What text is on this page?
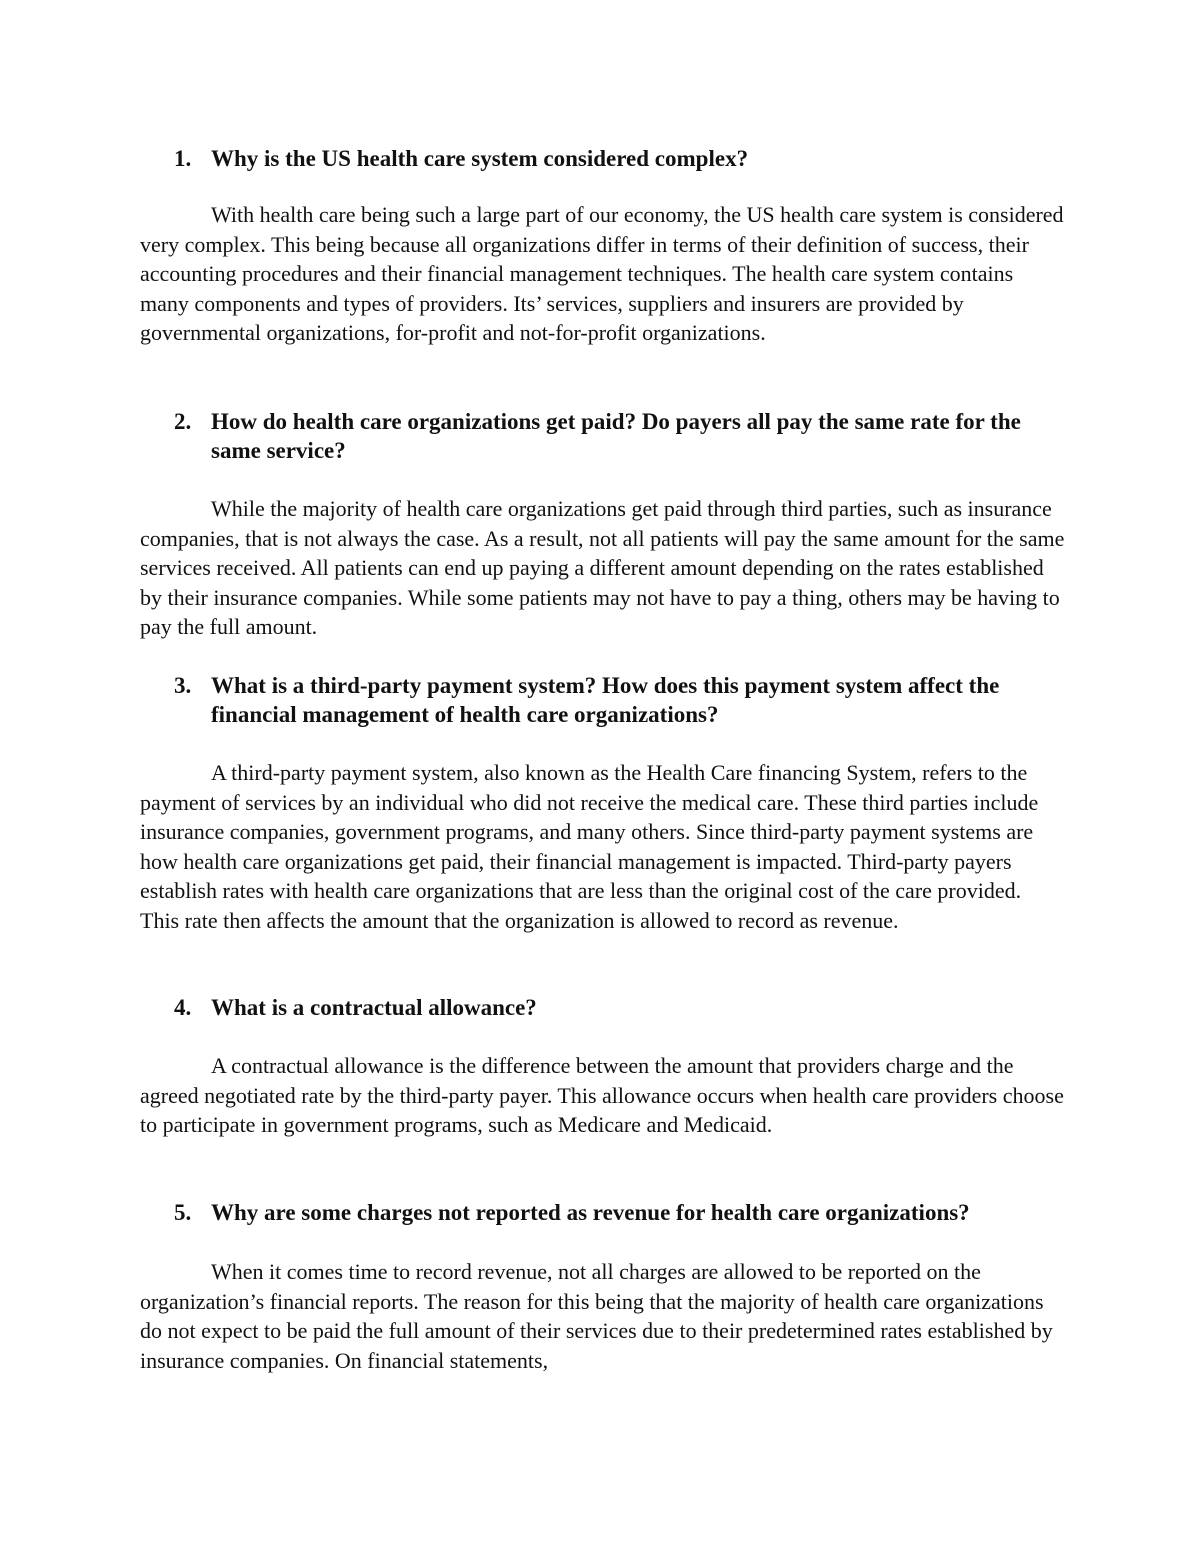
1. Why is the US health care system considered complex?

With health care being such a large part of our economy, the US health care system is considered very complex. This being because all organizations differ in terms of their definition of success, their accounting procedures and their financial management techniques. The health care system contains many components and types of providers. Its’ services, suppliers and insurers are provided by governmental organizations, for-profit and not-for-profit organizations.

2. How do health care organizations get paid? Do payers all pay the same rate for the same service?

While the majority of health care organizations get paid through third parties, such as insurance companies, that is not always the case. As a result, not all patients will pay the same amount for the same services received. All patients can end up paying a different amount depending on the rates established by their insurance companies. While some patients may not have to pay a thing, others may be having to pay the full amount.

3. What is a third-party payment system? How does this payment system affect the financial management of health care organizations?

A third-party payment system, also known as the Health Care financing System, refers to the payment of services by an individual who did not receive the medical care. These third parties include insurance companies, government programs, and many others. Since third-party payment systems are how health care organizations get paid, their financial management is impacted. Third-party payers establish rates with health care organizations that are less than the original cost of the care provided. This rate then affects the amount that the organization is allowed to record as revenue.

4. What is a contractual allowance?

A contractual allowance is the difference between the amount that providers charge and the agreed negotiated rate by the third-party payer. This allowance occurs when health care providers choose to participate in government programs, such as Medicare and Medicaid.

5. Why are some charges not reported as revenue for health care organizations?

When it comes time to record revenue, not all charges are allowed to be reported on the organization’s financial reports. The reason for this being that the majority of health care organizations do not expect to be paid the full amount of their services due to their predetermined rates established by insurance companies. On financial statements,
